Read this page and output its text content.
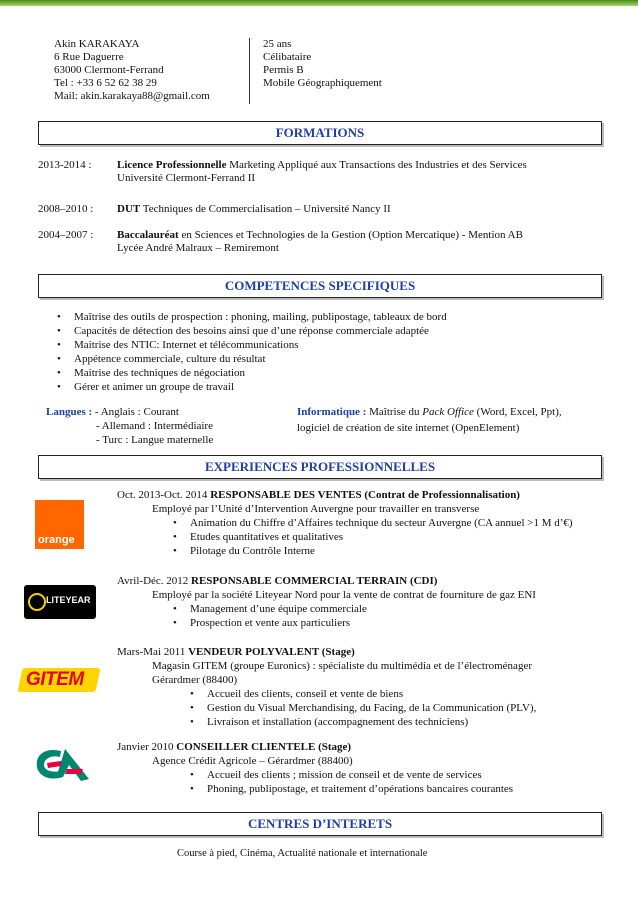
Akin KARAKAYA
6 Rue Daguerre
63000 Clermont-Ferrand
Tel : +33 6 52 62 38 29
Mail: akin.karakaya88@gmail.com
25 ans
Célibataire
Permis B
Mobile Géographiquement
FORMATIONS
2013-2014 : Licence Professionnelle Marketing Appliqué aux Transactions des Industries et des Services
Université Clermont-Ferrand II
2008–2010 : DUT Techniques de Commercialisation – Université Nancy II
2004–2007 : Baccalauréat en Sciences et Technologies de la Gestion (Option Mercatique) - Mention AB
Lycée André Malraux – Remiremont
COMPETENCES SPECIFIQUES
• Maîtrise des outils de prospection : phoning, mailing, publipostage, tableaux de bord
• Capacités de détection des besoins ainsi que d’une réponse commerciale adaptée
• Maitrise des NTIC: Internet et télécommunications
• Appétence commerciale, culture du résultat
• Maitrise des techniques de négociation
• Gérer et animer un groupe de travail
Langues : - Anglais : Courant
- Allemand : Intermédiaire
- Turc : Langue maternelle
Informatique : Maîtrise du Pack Office (Word, Excel, Ppt),
logiciel de création de site internet (OpenElement)
EXPERIENCES PROFESSIONNELLES
orange
Oct. 2013-Oct. 2014 RESPONSABLE DES VENTES (Contrat de Professionnalisation)
Employé par l’Unité d’Intervention Auvergne pour travailler en transverse
• Animation du Chiffre d’Affaires technique du secteur Auvergne (CA annuel >1 M d’€)
• Etudes quantitatives et qualitatives
• Pilotage du Contrôle Interne
LITEYEAR
Avril-Déc. 2012 RESPONSABLE COMMERCIAL TERRAIN (CDI)
Employé par la société Liteyear Nord pour la vente de contrat de fourniture de gaz ENI
• Management d’une équipe commerciale
• Prospection et vente aux particuliers
GITEM
Mars-Mai 2011 VENDEUR POLYVALENT (Stage)
Magasin GITEM (groupe Euronics) : spécialiste du multimédia et de l’électroménager
Gérardmer (88400)
• Accueil des clients, conseil et vente de biens
• Gestion du Visual Merchandising, du Facing, de la Communication (PLV),
• Livraison et installation (accompagnement des techniciens)
Janvier 2010 CONSEILLER CLIENTELE (Stage)
Agence Crédit Agricole – Gérardmer (88400)
• Accueil des clients ; mission de conseil et de vente de services
• Phoning, publipostage, et traitement d’opérations bancaires courantes
CENTRES D’INTERETS
Course à pied, Cinéma, Actualité nationale et internationale
